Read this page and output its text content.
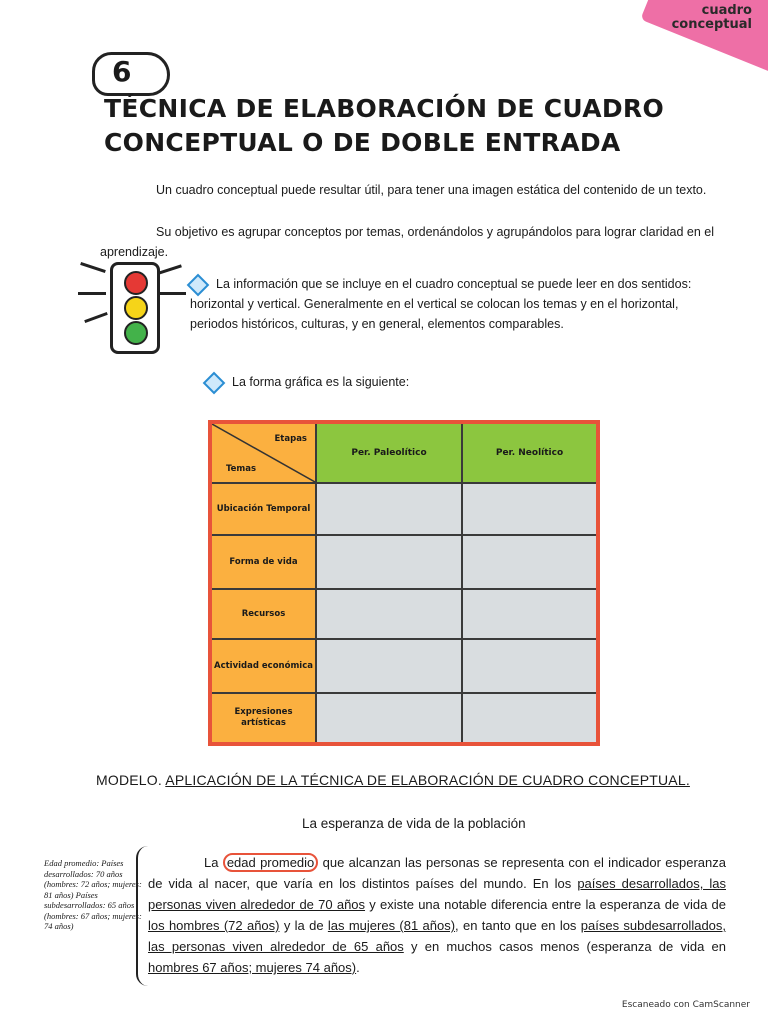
cuadro
conceptual
6
TÉCNICA DE ELABORACIÓN DE CUADRO CONCEPTUAL O DE DOBLE ENTRADA

Un cuadro conceptual puede resultar útil, para tener una imagen estática del contenido de un texto.

Su objetivo es agrupar conceptos por temas, ordenándolos y agrupándolos para lograr claridad en el aprendizaje.

La información que se incluye en el cuadro conceptual se puede leer en dos sentidos: horizontal y vertical. Generalmente en el vertical se colocan los temas y en el horizontal, periodos históricos, culturas, y en general, elementos comparables.

La forma gráfica es la siguiente:

Etapas
Temas
Per. Paleolítico	Per. Neolítico
Ubicación Temporal
Forma de vida
Recursos
Actividad económica
Expresiones artísticas
MODELO. APLICACIÓN DE LA TÉCNICA DE ELABORACIÓN DE CUADRO CONCEPTUAL.
La esperanza de vida de la población
Edad promedio: Países desarrollados: 70 años (hombres: 72 años; mujeres: 81 años) Países subdesarrollados: 65 años (hombres: 67 años; mujeres: 74 años)
La edad promedio que alcanzan las personas se representa con el indicador esperanza de vida al nacer, que varía en los distintos países del mundo. En los países desarrollados, las personas viven alrededor de 70 años y existe una notable diferencia entre la esperanza de vida de los hombres (72 años) y la de las mujeres (81 años), en tanto que en los países subdesarrollados, las personas viven alrededor de 65 años y en muchos casos menos (esperanza de vida en hombres 67 años; mujeres 74 años).
Escaneado con CamScanner
